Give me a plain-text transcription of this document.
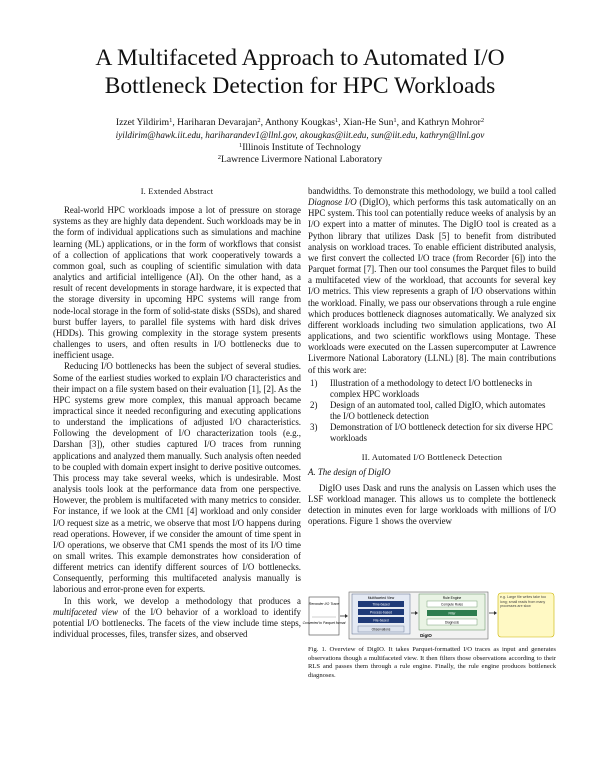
A Multifaceted Approach to Automated I/O
Bottleneck Detection for HPC Workloads
Izzet Yildirim$^1$, Hariharan Devarajan$^2$, Anthony Kougkas$^1$, Xian-He Sun$^1$, and Kathryn Mohror$^2$
iyildirim@hawk.iit.edu, hariharandev1@llnl.gov, akougkas@iit.edu, sun@iit.edu, kathryn@llnl.gov
$^1$Illinois Institute of Technology
$^2$Lawrence Livermore National Laboratory
I. Extended Abstract

Real-world HPC workloads impose a lot of pressure on storage systems as they are highly data dependent. Such workloads may be in the form of individual applications such as simulations and machine learning (ML) applications, or in the form of workflows that consist of a collection of applications that work cooperatively towards a common goal, such as coupling of scientific simulation with data analytics and artificial intelligence (AI). On the other hand, as a result of recent developments in storage hardware, it is expected that the storage diversity in upcoming HPC systems will range from node-local storage in the form of solid-state disks (SSDs), and shared burst buffer layers, to parallel file systems with hard disk drives (HDDs). This growing complexity in the storage system presents challenges to users, and often results in I/O bottlenecks due to inefficient usage.

Reducing I/O bottlenecks has been the subject of several studies. Some of the earliest studies worked to explain I/O characteristics and their impact on a file system based on their evaluation [1], [2]. As the HPC systems grew more complex, this manual approach became impractical since it needed reconfiguring and executing applications to understand the implications of adjusted I/O characteristics. Following the development of I/O characterization tools (e.g., Darshan [3]), other studies captured I/O traces from running applications and analyzed them manually. Such analysis often needed to be coupled with domain expert insight to derive positive outcomes. This process may take several weeks, which is undesirable. Most analysis tools look at the performance data from one perspective. However, the problem is multifaceted with many metrics to consider. For instance, if we look at the CM1 [4] workload and only consider I/O request size as a metric, we observe that most I/O happens during read operations. However, if we consider the amount of time spent in I/O operations, we observe that CM1 spends the most of its I/O time on small writes. This example demonstrates how consideration of different metrics can identify different sources of I/O bottlenecks. Consequently, performing this multifaceted analysis manually is laborious and error-prone even for experts.

In this work, we develop a methodology that produces a multifaceted view of the I/O behavior of a workload to identify potential I/O bottlenecks. The facets of the view include time steps, individual processes, files, transfer sizes, and observed

bandwidths. To demonstrate this methodology, we build a tool called Diagnose I/O (DigIO), which performs this task automatically on an HPC system. This tool can potentially reduce weeks of analysis by an I/O expert into a matter of minutes. The DigIO tool is created as a Python library that utilizes Dask [5] to benefit from distributed analysis on workload traces. To enable efficient distributed analysis, we first convert the collected I/O trace (from Recorder [6]) into the Parquet format [7]. Then our tool consumes the Parquet files to build a multifaceted view of the workload, that accounts for several key I/O metrics. This view represents a graph of I/O observations within the workload. Finally, we pass our observations through a rule engine which produces bottleneck diagnoses automatically. We analyzed six different workloads including two simulation applications, two AI applications, and two scientific workflows using Montage. These workloads were executed on the Lassen supercomputer at Lawrence Livermore National Laboratory (LLNL) [8]. The main contributions of this work are:

1) Illustration of a methodology to detect I/O bottlenecks in complex HPC workloads
2) Design of an automated tool, called DigIO, which automates the I/O bottleneck detection
3) Demonstration of I/O bottleneck detection for six diverse HPC workloads
II. Automated I/O Bottleneck Detection
A. The design of DigIO

DigIO uses Dask and runs the analysis on Lassen which uses the LSF workload manager. This allows us to complete the bottleneck detection in minutes even for large workloads with millions of I/O operations. Figure 1 shows the overview

Recorder I/O Trace
Converted to Parquet format
DigIO
Multifaceted View
Time-based
Process-based
File-based
Observations
Rule Engine
Compute Rules
Filter
Diagnosis
e.g. Large file writes take too long; small reads from many processes are slow
Fig. 1. Overview of DigIO. It takes Parquet-formatted I/O traces as input and generates observations though a multifaceted view. It then filters those observations according to their RLS and passes them through a rule engine. Finally, the rule engine produces bottleneck diagnoses.
